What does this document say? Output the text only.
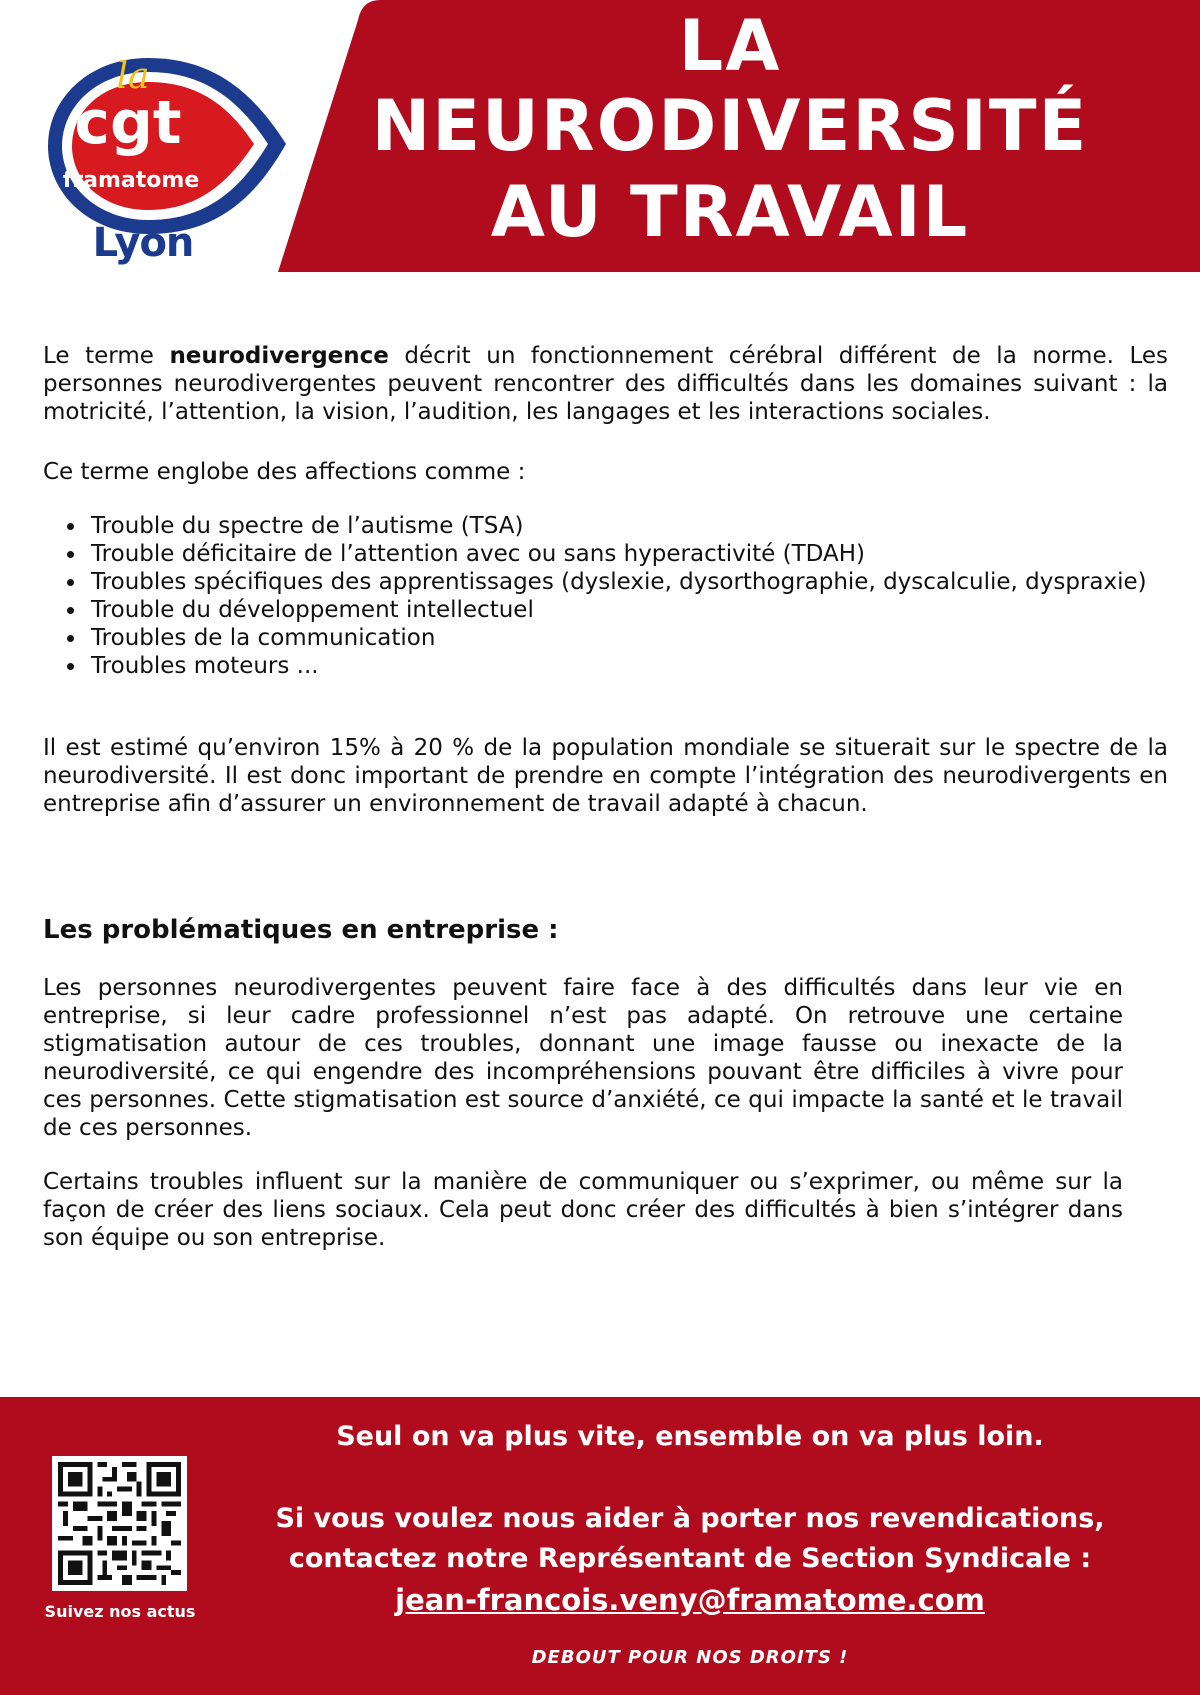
LA
NEURODIVERSITÉ
AU TRAVAIL
la
cgt
framatome
Lyon
Le terme neurodivergence décrit un fonctionnement cérébral différent de la norme. Les personnes neurodivergentes peuvent rencontrer des difficultés dans les domaines suivant : la motricité, l’attention, la vision, l’audition, les langages et les interactions sociales.
Ce terme englobe des affections comme :
Trouble du spectre de l’autisme (TSA)
Trouble déficitaire de l’attention avec ou sans hyperactivité (TDAH)
Troubles spécifiques des apprentissages (dyslexie, dysorthographie, dyscalculie, dyspraxie)
Trouble du développement intellectuel
Troubles de la communication
Troubles moteurs ...
Il est estimé qu’environ 15% à 20 % de la population mondiale se situerait sur le spectre de la neurodiversité. Il est donc important de prendre en compte l’intégration des neurodivergents en entreprise afin d’assurer un environnement de travail adapté à chacun.
Les problématiques en entreprise :
Les personnes neurodivergentes peuvent faire face à des difficultés dans leur vie en entreprise, si leur cadre professionnel n’est pas adapté. On retrouve une certaine stigmatisation autour de ces troubles, donnant une image fausse ou inexacte de la neurodiversité, ce qui engendre des incompréhensions pouvant être difficiles à vivre pour ces personnes. Cette stigmatisation est source d’anxiété, ce qui impacte la santé et le travail de ces personnes.
Certains troubles influent sur la manière de communiquer ou s’exprimer, ou même sur la façon de créer des liens sociaux. Cela peut donc créer des difficultés à bien s’intégrer dans son équipe ou son entreprise.
Suivez nos actus
Seul on va plus vite, ensemble on va plus loin.
Si vous voulez nous aider à porter nos revendications,
contactez notre Représentant de Section Syndicale :
jean-francois.veny@framatome.com
DEBOUT POUR NOS DROITS !
